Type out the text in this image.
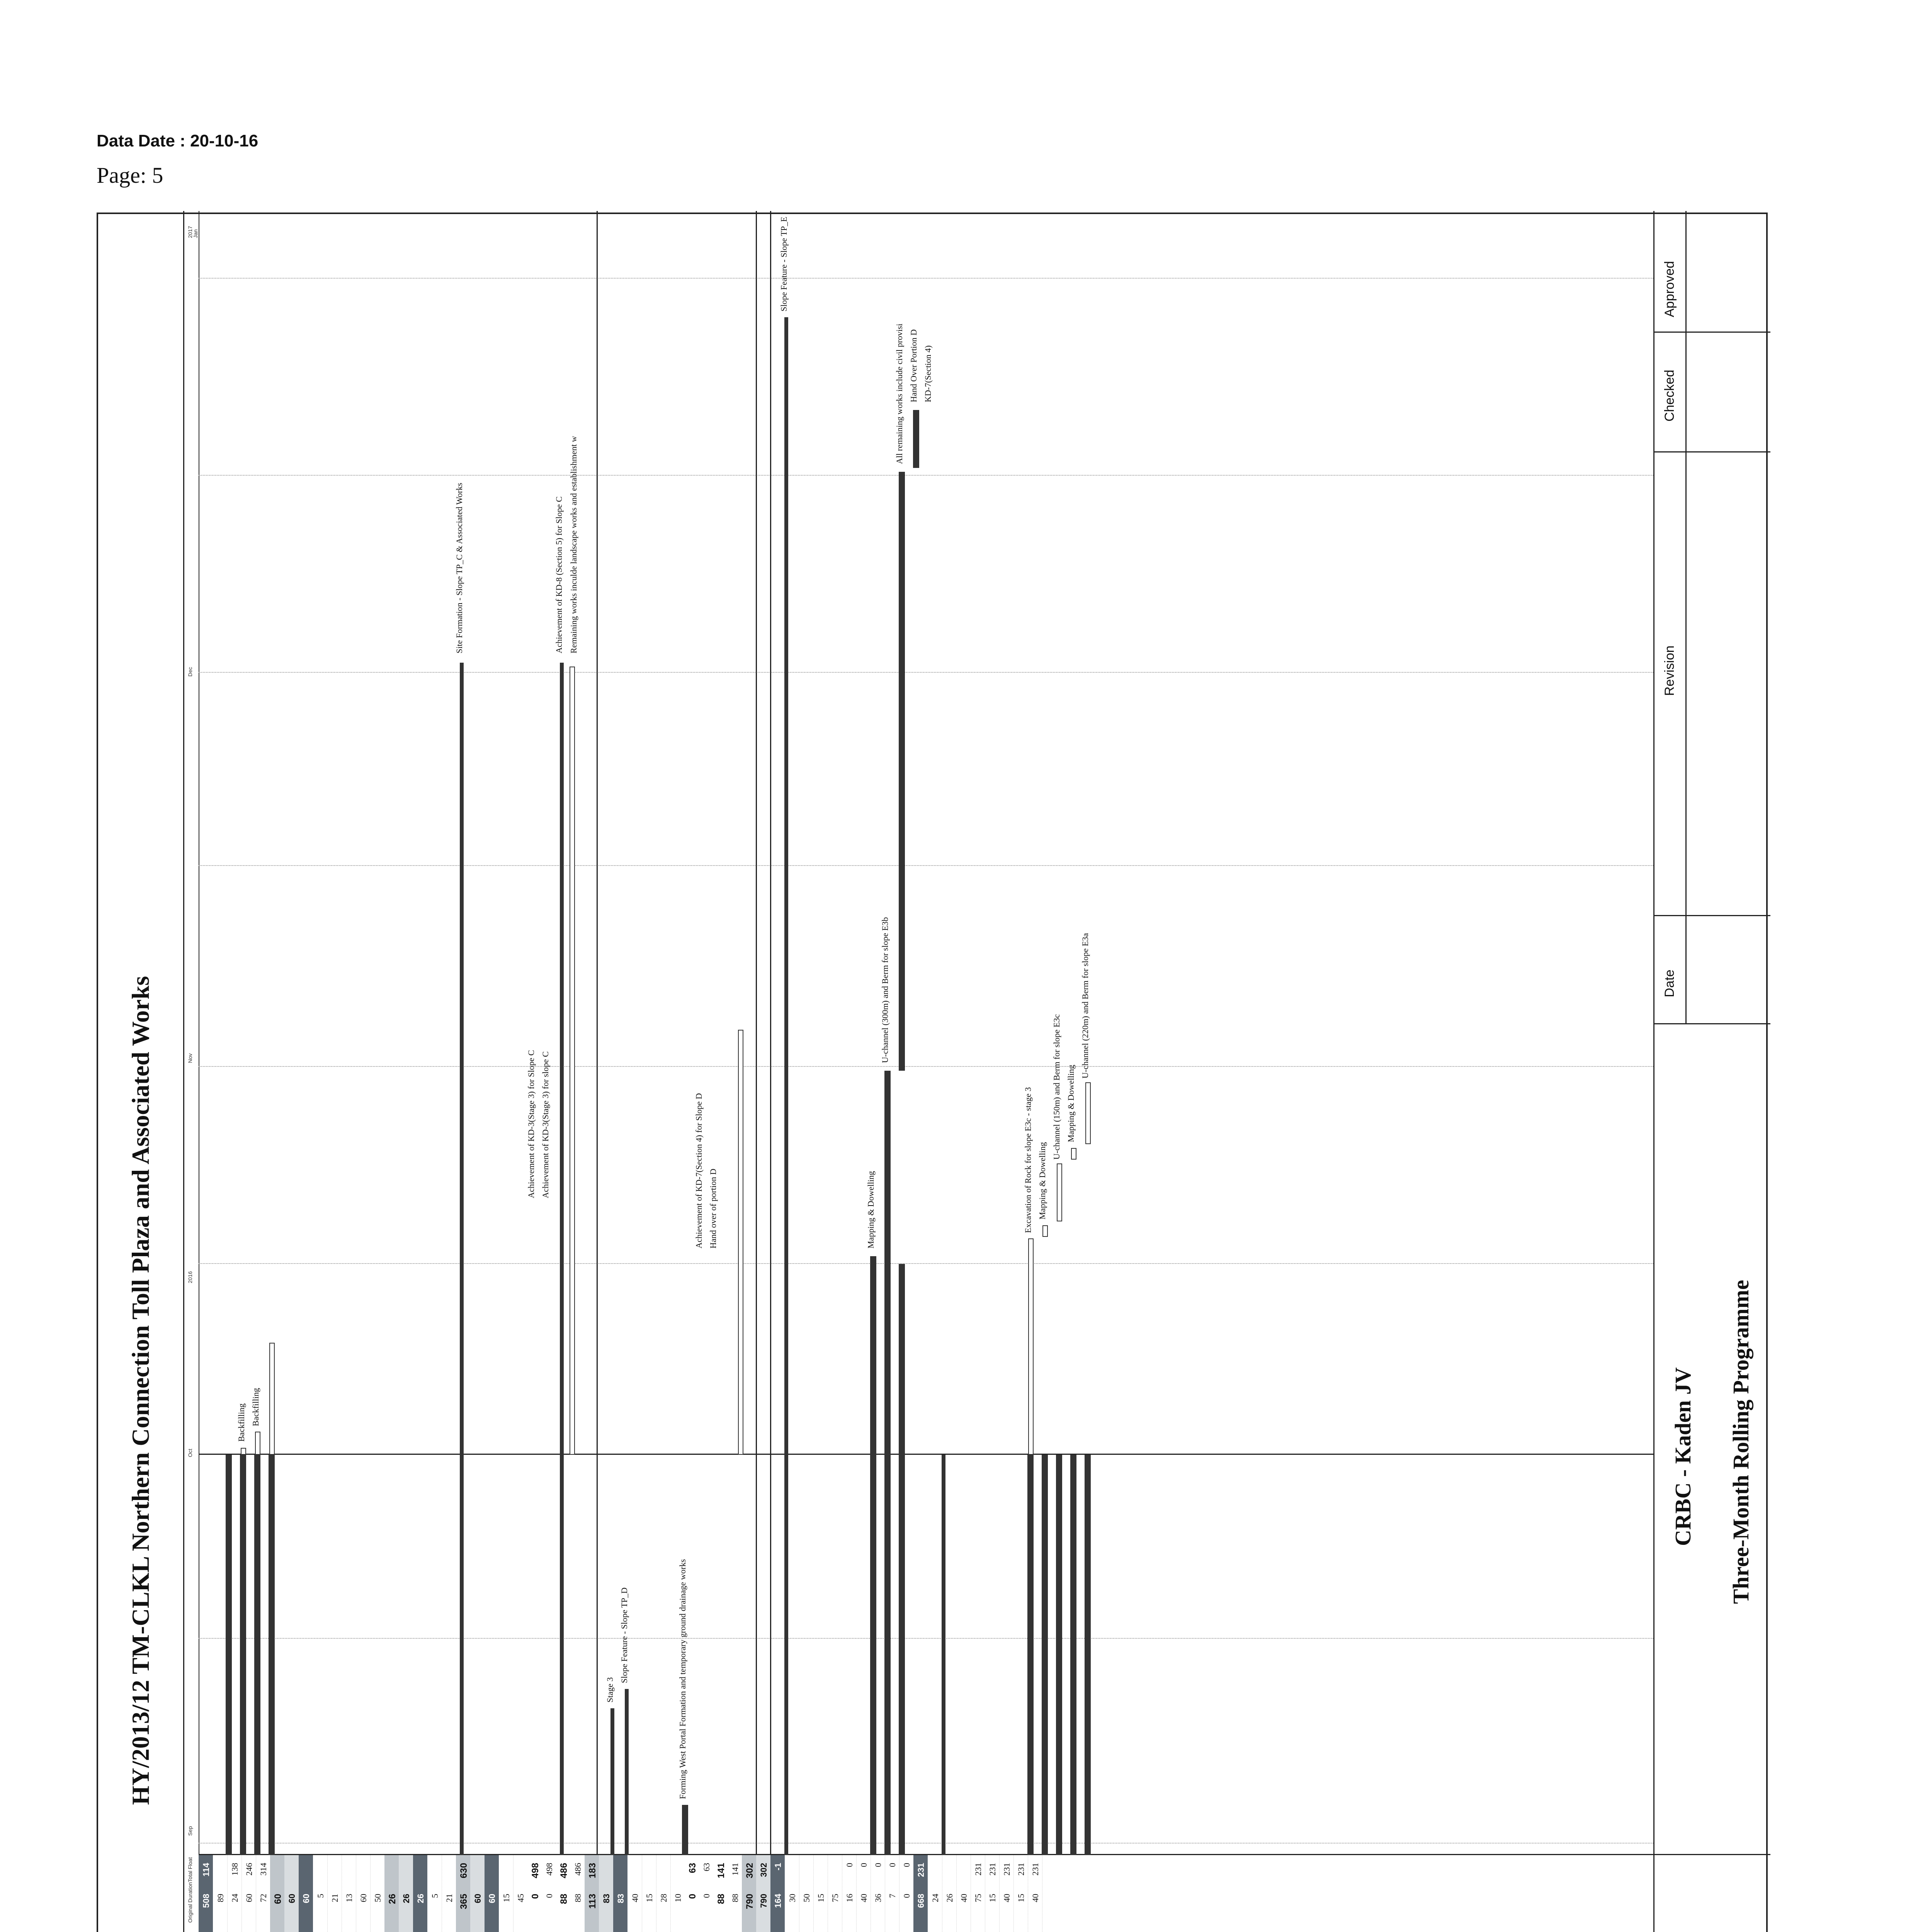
Data Date : 20-10-16
Page: 5
HY/2013/12 TM-CLKL Northern Connection Toll Plaza and Associated Works
Original Duration
Total Float
Sep
Oct
2016
Nov
Dec
2017
Jan
508
114
89 24
138
60
246
72
314
60 60 60 5 21 13 60 50 26 26 26 5 21 365
630
60 60 15 45 0
498
0
498
88
486
88
486
113
183
83 83 40 15 28 10 0
63
0
63
88
141
88
141
790
302
790
302
164
-1
30 50 15 75 16
0
40
0
36
0
7
0
0
0
668
231
24 26 40 75
231
15
231
40
231
15
231
40
231
Backfilling Backfilling
Site Formation - Slope TP_C & Associated Works
Achievement of KD-3(Stage 3) for Slope C Achievement of KD-3(Stage 3) for slope C
Achievement of KD-8 (Section 5) for Slope C Remaining works inculde landscape works and establishment w
Stage 3
Slope Feature - Slope TP_D	Forming West Portal Formation and temporary ground drainage works
Achievement of KD-7(Section 4) for Slope D Hand over of portion D
Slope Feature - Slope TP_E
Mapping & Dowelling
U-channel (300m) and Berm for slope E3b
All remaining works include civil provisi Hand Over Portion D KD-7(Section 4)
Excavation of Rock for slope E3c - stage 3 Mapping & Dowelling
U-channel (150m) and Berm for slope E3c Mapping & Dowelling
U-channel (220m) and Berm for slope E3a
CRBC - Kaden JV Three-Month Rolling Programme
Date
Revision
Checked
Approved
